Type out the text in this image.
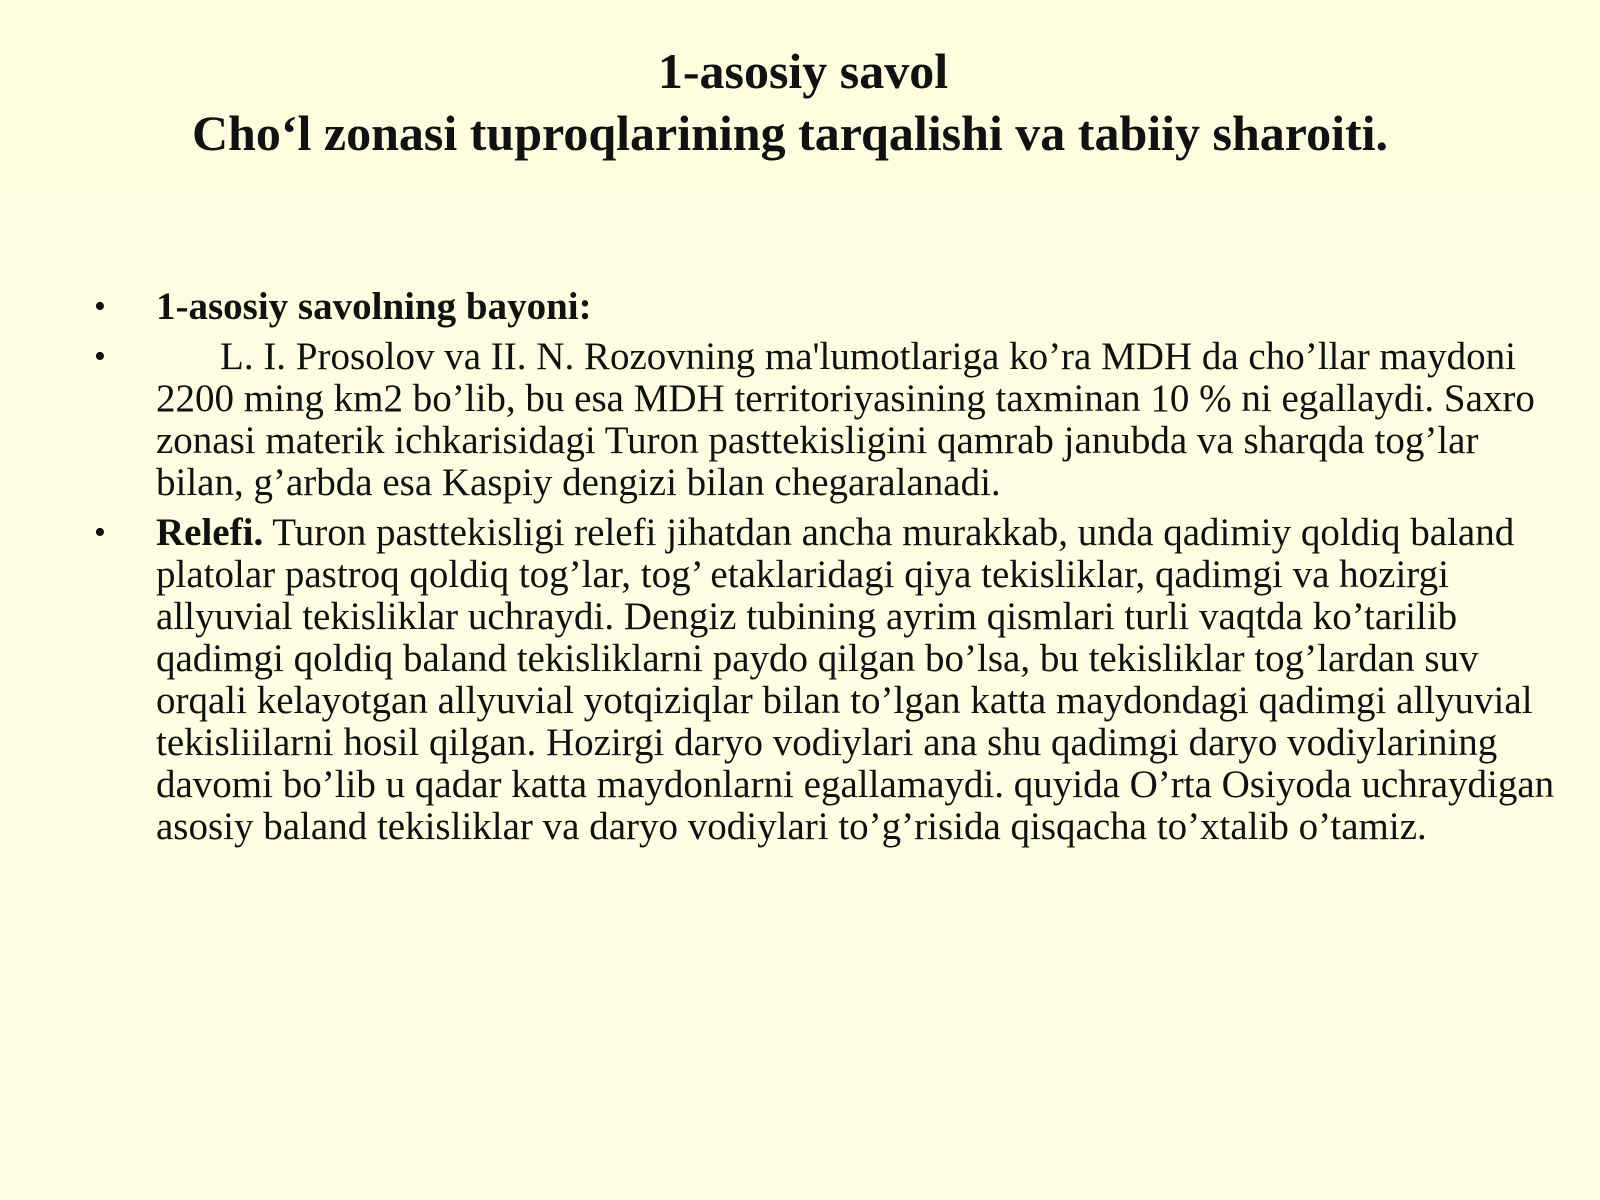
1-asosiy savol
Cho‘l zonasi tuproqlarining tarqalishi va tabiiy sharoiti.
• 1-asosiy savolning bayoni:
•	L. I. Prosolov va II. N. Rozovning ma'lumotlariga ko’ra MDH da cho’llar maydoni 2200 ming km2 bo’lib, bu esa MDH territoriyasining taxminan 10 % ni egallaydi. Saxro zonasi materik ichkarisidagi Turon pasttekisligini qamrab janubda va sharqda tog’lar bilan, g’arbda esa Kaspiy dengizi bilan chegaralanadi.
• Relefi. Turon pasttekisligi relefi jihatdan ancha murakkab, unda qadimiy qoldiq baland platolar pastroq qoldiq tog’lar, tog’ etaklaridagi qiya tekisliklar, qadimgi va hozirgi allyuvial tekisliklar uchraydi. Dengiz tubining ayrim qismlari turli vaqtda ko’tarilib qadimgi qoldiq baland tekisliklarni paydo qilgan bo’lsa, bu tekisliklar tog’lardan suv orqali kelayotgan allyuvial yotqiziqlar bilan to’lgan katta maydondagi qadimgi allyuvial tekisliilarni hosil qilgan. Hozirgi daryo vodiylari ana shu qadimgi daryo vodiylarining davomi bo’lib u qadar katta maydonlarni egallamaydi. quyida O’rta Osiyoda uchraydigan asosiy baland tekisliklar va daryo vodiylari to’g’risida qisqacha to’xtalib o’tamiz.
